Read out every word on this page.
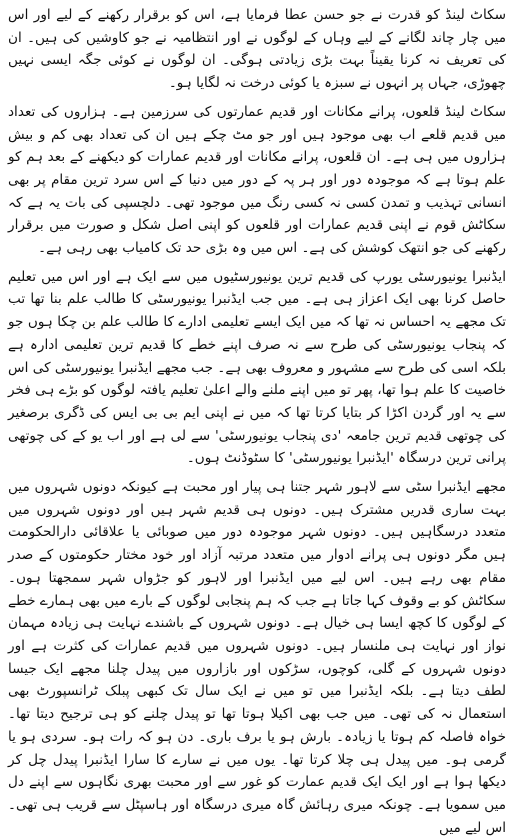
سکاٹ لینڈ کو قدرت نے جو حسن عطا فرمایا ہے، اس کو برقرار رکھنے کے لیے اور اس میں چار چاند لگانے کے لیے وہاں کے لوگوں نے اور انتظامیہ نے جو کاوشیں کی ہیں۔ ان کی تعریف نہ کرنا یقیناً بہت بڑی زیادتی ہوگی۔ ان لوگوں نے کوئی جگہ ایسی نہیں چھوڑی، جہاں پر انہوں نے سبزہ یا کوئی درخت نہ لگایا ہو۔

سکاٹ لینڈ قلعوں، پرانے مکانات اور قدیم عمارتوں کی سرزمین ہے۔ ہزاروں کی تعداد میں قدیم قلعے اب بھی موجود ہیں اور جو مٹ چکے ہیں ان کی تعداد بھی کم و بیش ہزاروں میں ہی ہے۔ ان قلعوں، پرانے مکانات اور قدیم عمارات کو دیکھنے کے بعد ہم کو علم ہوتا ہے کہ موجودہ دور اور ہر پہ کے دور میں دنیا کے اس سرد ترین مقام پر بھی انسانی تہذیب و تمدن کسی نہ کسی رنگ میں موجود تھی۔ دلچسپی کی بات یہ ہے کہ سکاٹش قوم نے اپنی قدیم عمارات اور قلعوں کو اپنی اصل شکل و صورت میں برقرار رکھنے کی جو انتھک کوشش کی ہے۔ اس میں وہ بڑی حد تک کامیاب بھی رہی ہے۔

ایڈنبرا یونیورسٹی یورپ کی قدیم ترین یونیورسٹیوں میں سے ایک ہے اور اس میں تعلیم حاصل کرنا بھی ایک اعزاز ہی ہے۔ میں جب ایڈنبرا یونیورسٹی کا طالب علم بنا تھا تب تک مجھے یہ احساس نہ تھا کہ میں ایک ایسے تعلیمی ادارے کا طالب علم بن چکا ہوں جو کہ پنجاب یونیورسٹی کی طرح سے نہ صرف اپنے خطے کا قدیم ترین تعلیمی ادارہ ہے بلکہ اسی کی طرح سے مشہور و معروف بھی ہے۔ جب مجھے ایڈنبرا یونیورسٹی کی اس خاصیت کا علم ہوا تھا، پھر تو میں اپنے ملنے والے اعلیٰ تعلیم یافتہ لوگوں کو بڑے ہی فخر سے یہ اور گردن اکڑا کر بتایا کرتا تھا کہ میں نے اپنی ایم بی بی ایس کی ڈگری برصغیر کی چوتھی قدیم ترین جامعہ 'دی پنجاب یونیورسٹی' سے لی ہے اور اب یو کے کی چوتھی پرانی ترین درسگاہ 'ایڈنبرا یونیورسٹی' کا سٹوڈنٹ ہوں۔

مجھے ایڈنبرا سٹی سے لاہور شہر جتنا ہی پیار اور محبت ہے کیونکہ دونوں شہروں میں بہت ساری قدریں مشترک ہیں۔ دونوں ہی قدیم شہر ہیں اور دونوں شہروں میں متعدد درسگاہیں ہیں۔ دونوں شہر موجودہ دور میں صوبائی یا علاقائی دارالحکومت ہیں مگر دونوں ہی پرانے ادوار میں متعدد مرتبہ آزاد اور خود مختار حکومتوں کے صدر مقام بھی رہے ہیں۔ اس لیے میں ایڈنبرا اور لاہور کو جڑواں شہر سمجھتا ہوں۔ سکاٹش کو بے وقوف کہا جاتا ہے جب کہ ہم پنجابی لوگوں کے بارے میں بھی ہمارے خطے کے لوگوں کا کچھ ایسا ہی خیال ہے۔ دونوں شہروں کے باشندے نہایت ہی زیادہ مہمان نواز اور نہایت ہی ملنسار ہیں۔ دونوں شہروں میں قدیم عمارات کی کثرت ہے اور دونوں شہروں کے گلی، کوچوں، سڑکوں اور بازاروں میں پیدل چلنا مجھے ایک جیسا لطف دیتا ہے۔ بلکہ ایڈنبرا میں تو میں نے ایک سال تک کبھی پبلک ٹرانسپورٹ بھی استعمال نہ کی تھی۔ میں جب بھی اکیلا ہوتا تھا تو پیدل چلنے کو ہی ترجیح دیتا تھا۔ خواہ فاصلہ کم ہوتا یا زیادہ۔ بارش ہو یا برف باری۔ دن ہو کہ رات ہو۔ سردی ہو یا گرمی ہو۔ میں پیدل ہی چلا کرتا تھا۔ یوں میں نے سارے کا سارا ایڈنبرا پیدل چل کر دیکھا ہوا ہے اور ایک ایک قدیم عمارت کو غور سے اور محبت بھری نگاہوں سے اپنے دل میں سمویا ہے۔ چونکہ میری رہائش گاہ میری درسگاہ اور ہاسپٹل سے قریب ہی تھی۔ اس لیے میں
